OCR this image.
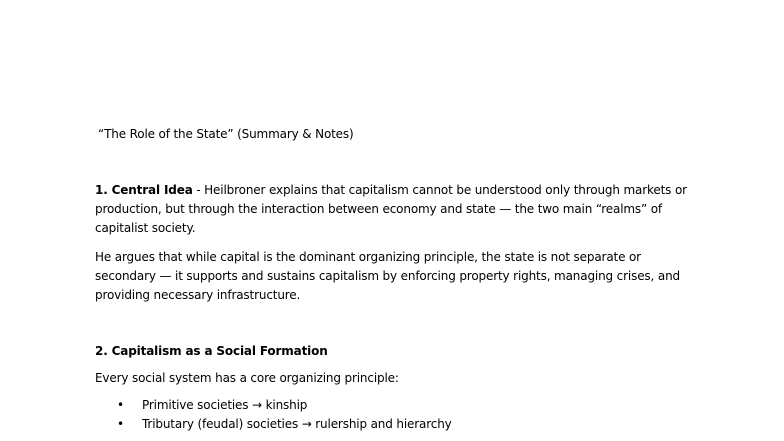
“The Role of the State” (Summary & Notes)

1. Central Idea - Heilbroner explains that capitalism cannot be understood only through markets or production, but through the interaction between economy and state — the two main “realms” of capitalist society.

He argues that while capital is the dominant organizing principle, the state is not separate or secondary — it supports and sustains capitalism by enforcing property rights, managing crises, and providing necessary infrastructure.

2. Capitalism as a Social Formation

Every social system has a core organizing principle:

• Primitive societies → kinship
• Tributary (feudal) societies → rulership and hierarchy
